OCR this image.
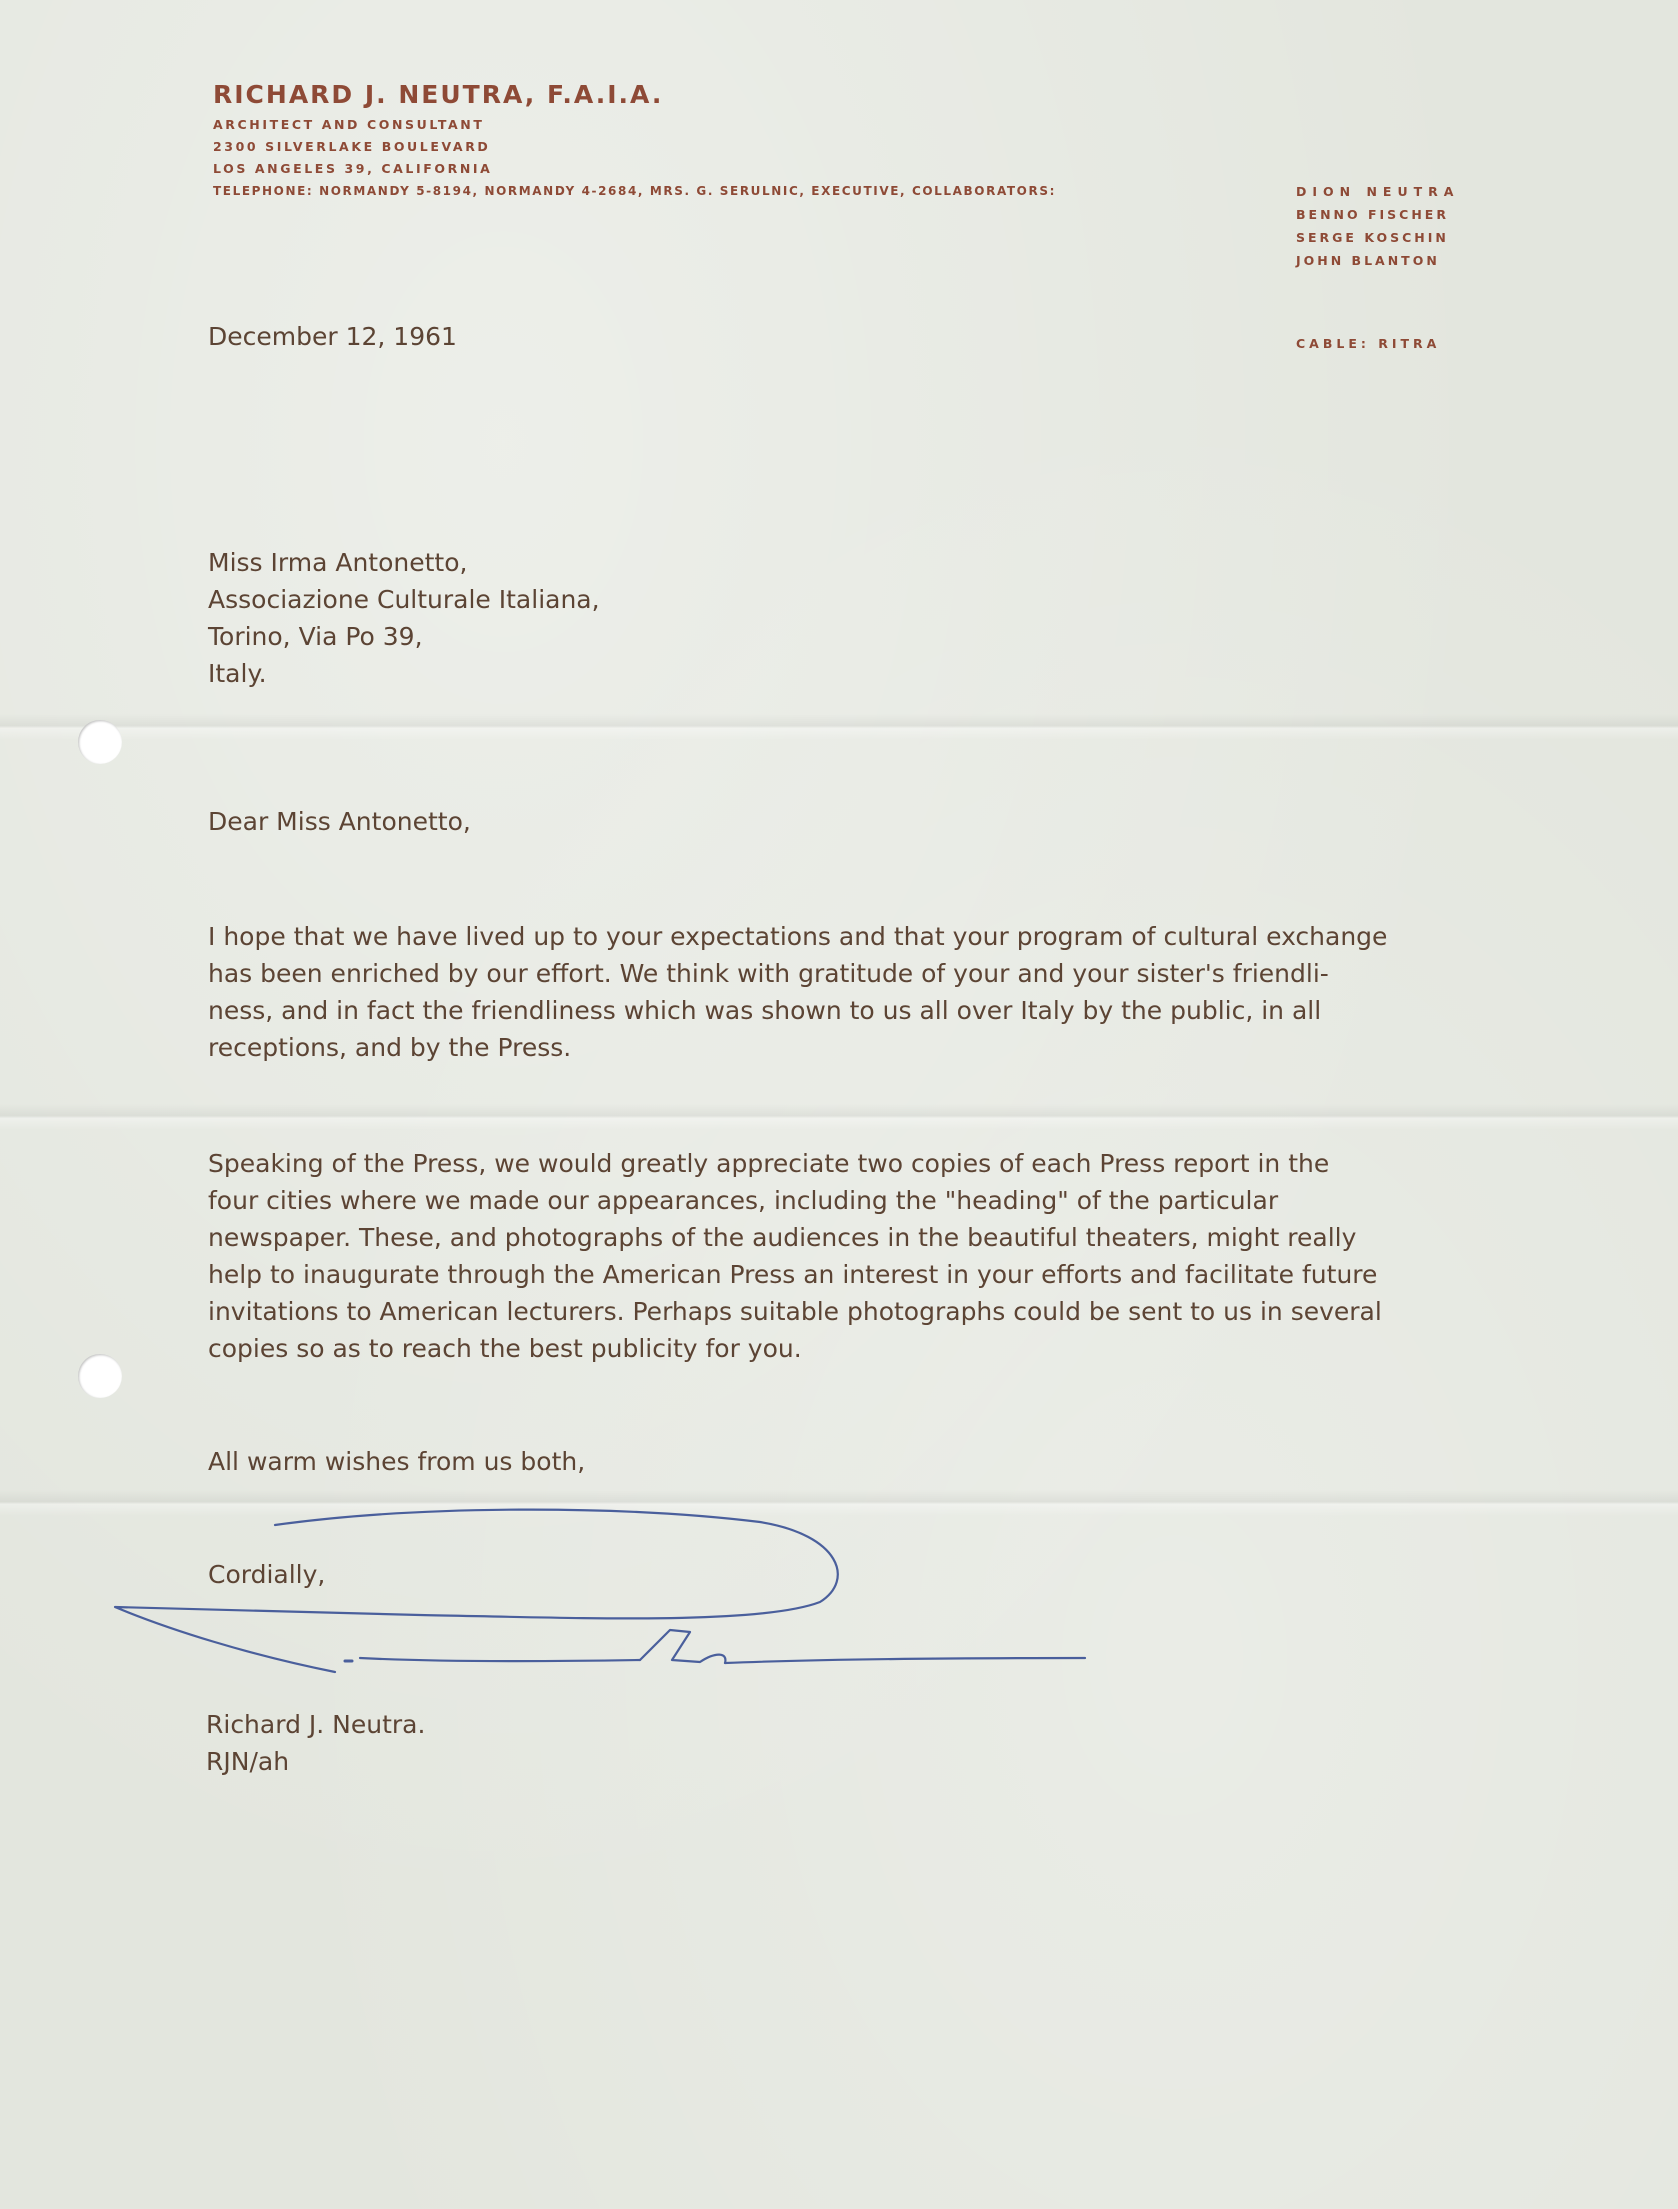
RICHARD J. NEUTRA, F.A.I.A.
ARCHITECT AND CONSULTANT
2300 SILVERLAKE BOULEVARD
LOS ANGELES 39, CALIFORNIA
TELEPHONE: NORMANDY 5-8194, NORMANDY 4-2684, MRS. G. SERULNIC, EXECUTIVE, COLLABORATORS:	DION NEUTRA
BENNO FISCHER
SERGE KOSCHIN
JOHN BLANTON
CABLE: RITRA
December 12, 1961
Miss Irma Antonetto,
Associazione Culturale Italiana,
Torino, Via Po 39,
Italy.
Dear Miss Antonetto,
I hope that we have lived up to your expectations and that your program of cultural exchange
has been enriched by our effort. We think with gratitude of your and your sister's friendli-
ness, and in fact the friendliness which was shown to us all over Italy by the public, in all
receptions, and by the Press.
Speaking of the Press, we would greatly appreciate two copies of each Press report in the
four cities where we made our appearances, including the "heading" of the particular
newspaper. These, and photographs of the audiences in the beautiful theaters, might really
help to inaugurate through the American Press an interest in your efforts and facilitate future
invitations to American lecturers. Perhaps suitable photographs could be sent to us in several
copies so as to reach the best publicity for you.
All warm wishes from us both,
Cordially,
Richard J. Neutra.
RJN/ah
